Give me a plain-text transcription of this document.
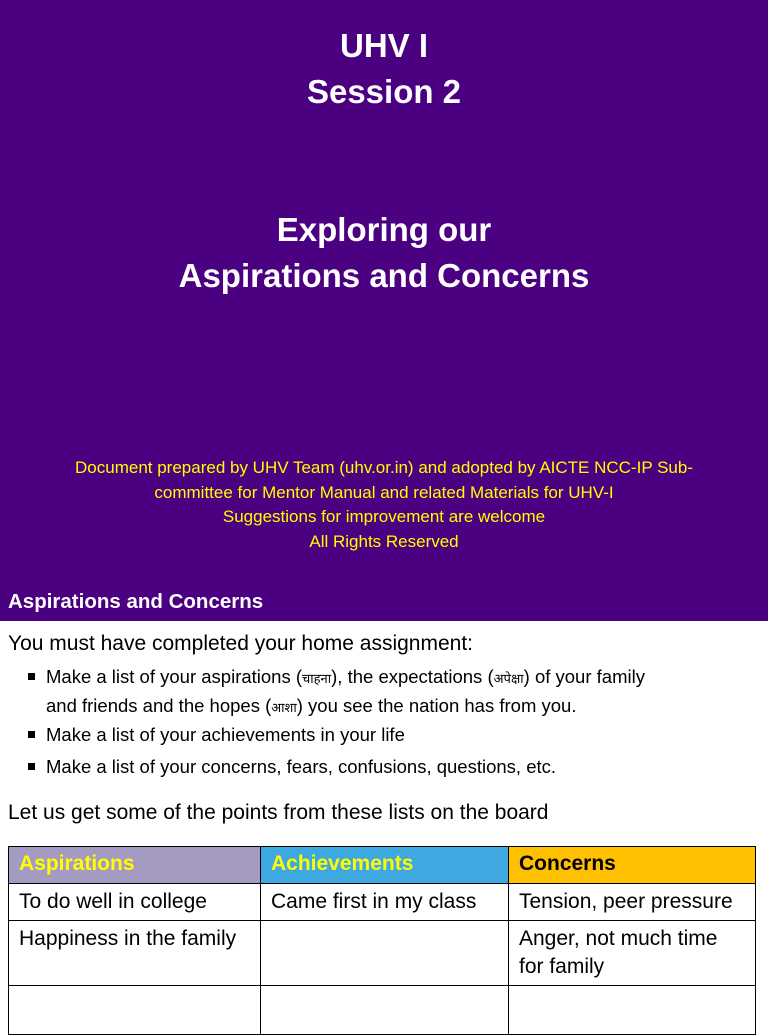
UHV I
Session 2
Exploring our
Aspirations and Concerns
Document prepared by UHV Team (uhv.or.in) and adopted by AICTE NCC-IP Sub-
committee for Mentor Manual and related Materials for UHV-I
Suggestions for improvement are welcome
All Rights Reserved
Aspirations and Concerns
You must have completed your home assignment:
Make a list of your aspirations (चाहना), the expectations (अपेक्षा) of your family
and friends and the hopes (आशा) you see the nation has from you.
Make a list of your achievements in your life
Make a list of your concerns, fears, confusions, questions, etc.
Let us get some of the points from these lists on the board
Aspirations	Achievements	Concerns
To do well in college	Came first in my class	Tension, peer pressure
Happiness in the family		Anger, not much time for family
